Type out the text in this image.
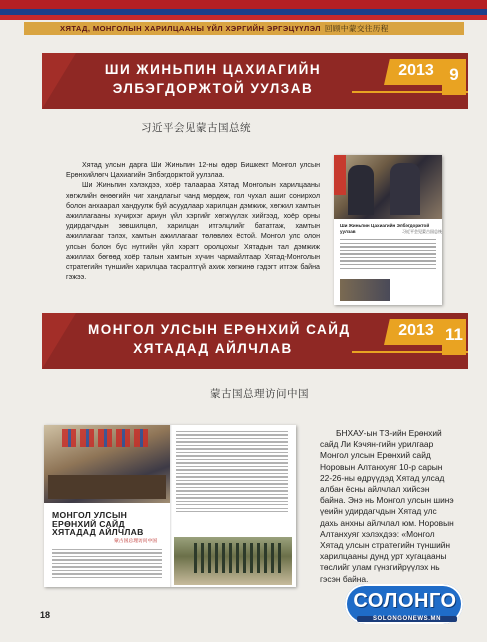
ХЯТАД, МОНГОЛЫН ХАРИЛЦААНЫ ҮЙЛ ХЭРГИЙН ЭРГЭЦҮҮЛЭЛ 回顾中蒙交往历程
ШИ ЖИНЬПИН ЦАХИАГИЙН
ЭЛБЭГДОРЖТОЙ УУЛЗАВ
2013 9
习近平会见蒙古国总统

Хятад улсын дарга Ши Жиньпин 12-ны өдөр Бишкект Монгол улсын Ерөнхийлөгч Цахиагийн Элбэгдоржтой уулзлаа.

Ши Жиньпин хэлэхдээ, хоёр талаараа Хятад Монголын харилцааны хөгжлийн өнөөгийн чиг хандлагыг чанд мөрдөж, гол чухал ашиг сонирхол болон анхаарал хандуулж буй асуудлаар харилцан дэмжиж, хөгжил хамтын ажиллагааны хүчирхэг ариун үйл хэргийг хөгжүүлэх хийгээд, хоёр орны удирдагчдын зөвшилцөл, харилцан итгэлцлийг бататгаж, хамтын ажиллагааг тэлэх, хамтын ажиллагааг төлөвлөх ёстой. Монгол улс олон улсын болон бүс нутгийн үйл хэрэгт оролцохыг Хятадын тал дэмжиж ажиллах бөгөөд хоёр талын хамтын хүчин чармайлтаар Хятад-Монголын стратегийн түншийн харилцаа тасралтгүй ахиж хөгжинө гэдэгт итгэж байна гэжээ.

Ши Жиньпин Цахиагийн Элбэгдоржтой уулзав	习近平会见蒙古国总统
МОНГОЛ УЛСЫН ЕРӨНХИЙ САЙД
ХЯТАДАД АЙЛЧЛАВ
2013 11
蒙古国总理访问中国
МОНГОЛ УЛСЫН ЕРӨНХИЙ САЙД ХЯТАДАД АЙЛЧЛАВ
蒙古国总理访问中国

БНХАУ-ын ТЗ-ийн Ерөнхий сайд Ли Кэчян-гийн урилгаар Монгол улсын Ерөнхий сайд Норовын Алтанхуяг 10-р сарын 22-26-ны өдрүүдэд Хятад улсад албан ёсны айлчлал хийсэн байна. Энэ нь Монгол улсын шинэ үеийн удирдагчдын Хятад улс дахь анхны айлчлал юм. Норовын Алтанхуяг хэлэхдээ: «Монгол Хятад улсын стратегийн түншийн харилцааны дунд урт хугацааны төслийг улам гүнзгийрүүлэх нь гэсэн байна.

18
СОЛОНГО
SOLONGONEWS.MN
